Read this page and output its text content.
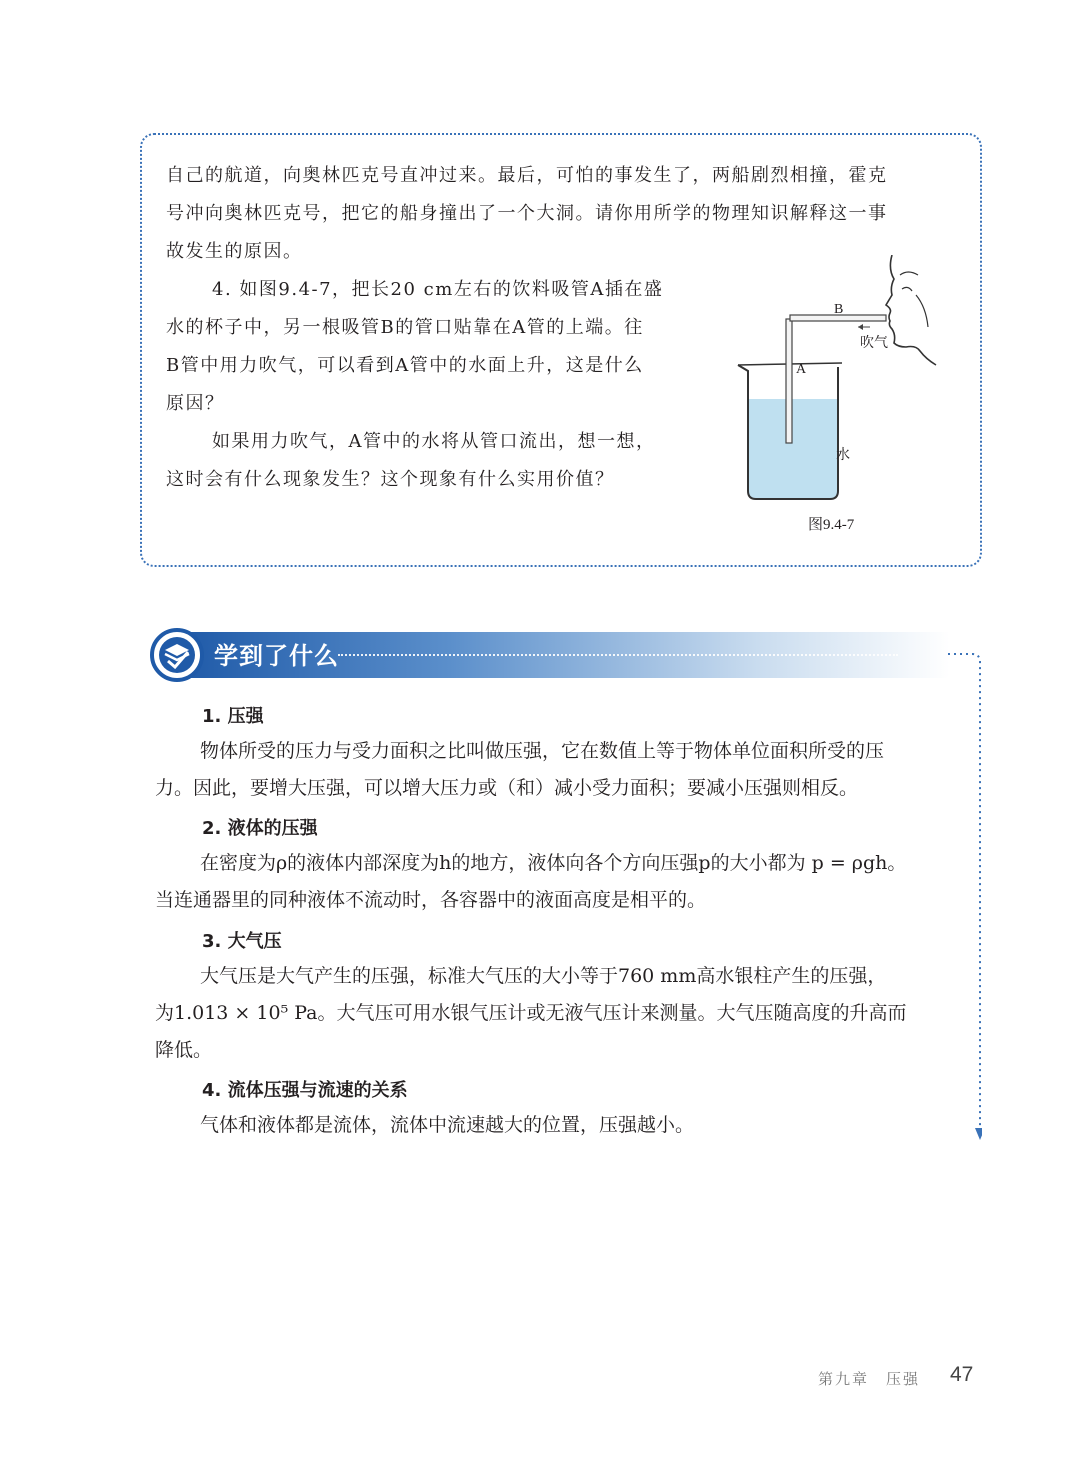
自己的航道，向奥林匹克号直冲过来。最后，可怕的事发生了，两船剧烈相撞，霍克
号冲向奥林匹克号，把它的船身撞出了一个大洞。请你用所学的物理知识解释这一事
故发生的原因。
4. 如图9.4-7，把长20 cm左右的饮料吸管A插在盛
水的杯子中，另一根吸管B的管口贴靠在A管的上端。往
B管中用力吹气，可以看到A管中的水面上升，这是什么
原因？
如果用力吹气，A管中的水将从管口流出，想一想，
这时会有什么现象发生？这个现象有什么实用价值？
B
A
吹气
水
图9.4-7
学到了什么
1. 压强
物体所受的压力与受力面积之比叫做压强，它在数值上等于物体单位面积所受的压
力。因此，要增大压强，可以增大压力或（和）减小受力面积；要减小压强则相反。
2. 液体的压强
在密度为ρ的液体内部深度为h的地方，液体向各个方向压强p的大小都为 p = ρgh。
当连通器里的同种液体不流动时，各容器中的液面高度是相平的。
3. 大气压
大气压是大气产生的压强，标准大气压的大小等于760 mm高水银柱产生的压强，
为1.013 × 10⁵ Pa。大气压可用水银气压计或无液气压计来测量。大气压随高度的升高而
降低。
4. 流体压强与流速的关系
气体和液体都是流体，流体中流速越大的位置，压强越小。
第九章　压强 47
